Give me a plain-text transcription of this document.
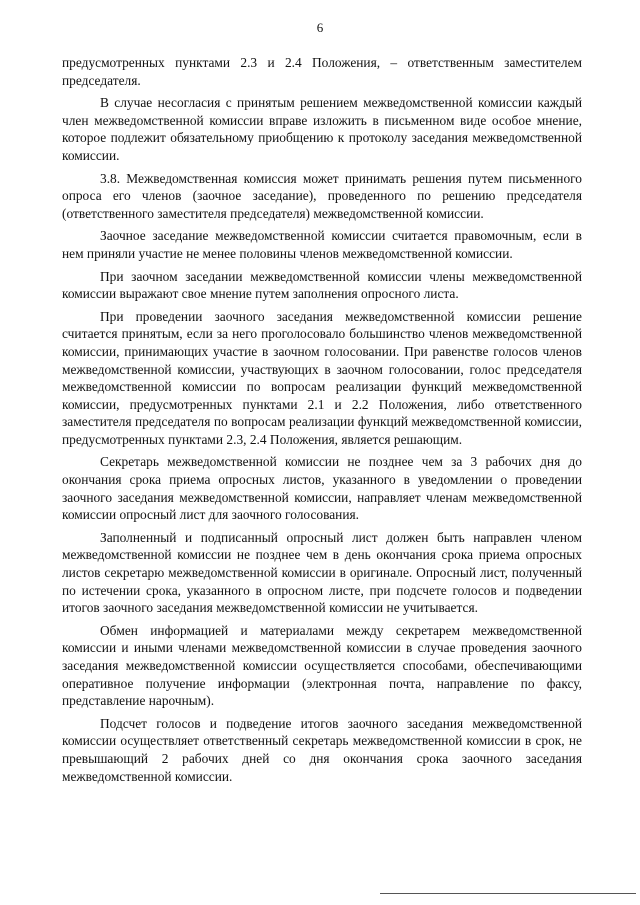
6

предусмотренных пунктами 2.3 и 2.4 Положения, – ответственным заместителем председателя.

В случае несогласия с принятым решением межведомственной комиссии каждый член межведомственной комиссии вправе изложить в письменном виде особое мнение, которое подлежит обязательному приобщению к протоколу заседания межведомственной комиссии.

3.8. Межведомственная комиссия может принимать решения путем письменного опроса его членов (заочное заседание), проведенного по решению председателя (ответственного заместителя председателя) межведомственной комиссии.

Заочное заседание межведомственной комиссии считается правомочным, если в нем приняли участие не менее половины членов межведомственной комиссии.

При заочном заседании межведомственной комиссии члены межведомственной комиссии выражают свое мнение путем заполнения опросного листа.

При проведении заочного заседания межведомственной комиссии решение считается принятым, если за него проголосовало большинство членов межведомственной комиссии, принимающих участие в заочном голосовании. При равенстве голосов членов межведомственной комиссии, участвующих в заочном голосовании, голос председателя межведомственной комиссии по вопросам реализации функций межведомственной комиссии, предусмотренных пунктами 2.1 и 2.2 Положения, либо ответственного заместителя председателя по вопросам реализации функций межведомственной комиссии, предусмотренных пунктами 2.3, 2.4 Положения, является решающим.

Секретарь межведомственной комиссии не позднее чем за 3 рабочих дня до окончания срока приема опросных листов, указанного в уведомлении о проведении заочного заседания межведомственной комиссии, направляет членам межведомственной комиссии опросный лист для заочного голосования.

Заполненный и подписанный опросный лист должен быть направлен членом межведомственной комиссии не позднее чем в день окончания срока приема опросных листов секретарю межведомственной комиссии в оригинале. Опросный лист, полученный по истечении срока, указанного в опросном листе, при подсчете голосов и подведении итогов заочного заседания межведомственной комиссии не учитывается.

Обмен информацией и материалами между секретарем межведомственной комиссии и иными членами межведомственной комиссии в случае проведения заочного заседания межведомственной комиссии осуществляется способами, обеспечивающими оперативное получение информации (электронная почта, направление по факсу, представление нарочным).

Подсчет голосов и подведение итогов заочного заседания межведомственной комиссии осуществляет ответственный секретарь межведомственной комиссии в срок, не превышающий 2 рабочих дней со дня окончания срока заочного заседания межведомственной комиссии.
